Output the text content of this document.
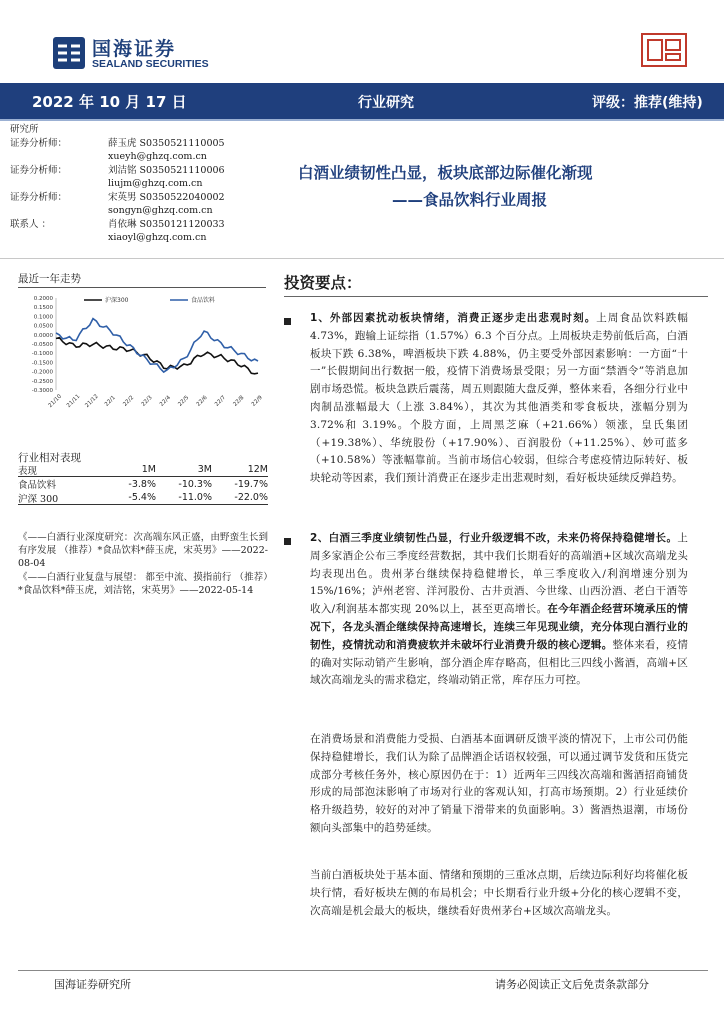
国海证券
SEALAND SECURITIES
2022 年 10 月 17 日	行业研究	评级：推荐(维持)
研究所
证券分析师：	薛玉虎 S0350521110005
xueyh@ghzq.com.cn
证券分析师：	刘洁铭 S0350521110006
liujm@ghzq.com.cn
证券分析师：	宋英男 S0350522040002
songyn@ghzq.com.cn
联系人 ：	肖依琳 S0350121120033
xiaoyl@ghzq.com.cn
白酒业绩韧性凸显，板块底部边际催化渐现
——食品饮料行业周报
最近一年走势
0.2000
0.1500
0.1000
0.0500
0.0000
-0.0500
-0.1000
-0.1500
-0.2000
-0.2500
-0.3000
21/10 21/11 21/12 22/1 22/2 22/3 22/4 22/5 22/6 22/7 22/8 22/9
沪深300	食品饮料
行业相对表现
表现	1M	3M	12M
食品饮料	-3.8%	-10.3%	-19.7%
沪深 300	-5.4%	-11.0%	-22.0%
《——白酒行业深度研究：次高端东风正盛，由野蛮生长到有序发展 （推荐）*食品饮料*薛玉虎，宋英男》——2022-08-04
《——白酒行业复盘与展望： 都至中流、摸指前行 （推荐）*食品饮料*薛玉虎，刘洁铭，宋英男》——2022-05-14
投资要点：
1、外部因素扰动板块情绪，消费正逐步走出悲观时刻。上周食品饮料跌幅4.73%，跑输上证综指（1.57%）6.3 个百分点。上周板块走势前低后高，白酒板块下跌 6.38%，啤酒板块下跌 4.88%，仍主要受外部因素影响：一方面“十一”长假期间出行数据一般，疫情下消费场景受限；另一方面“禁酒令”等消息加剧市场恐慌。板块急跌后震荡，周五则跟随大盘反弹，整体来看，各细分行业中肉制品涨幅最大（上涨 3.84%），其次为其他酒类和零食板块，涨幅分别为 3.72%和 3.19%。个股方面，上周黑芝麻（+21.66%）领涨，皇氏集团（+19.38%）、华统股份（+17.90%）、百润股份（+11.25%）、妙可蓝多（+10.58%）等涨幅靠前。当前市场信心较弱，但综合考虑疫情边际转好、板块轮动等因素，我们预计消费正在逐步走出悲观时刻，看好板块延续反弹趋势。
2、白酒三季度业绩韧性凸显，行业升级逻辑不改，未来仍将保持稳健增长。上周多家酒企公布三季度经营数据，其中我们长期看好的高端酒+区域次高端龙头均表现出色。贵州茅台继续保持稳健增长，单三季度收入/利润增速分别为 15%/16%；泸州老窖、洋河股份、古井贡酒、今世缘、山西汾酒、老白干酒等收入/利润基本都实现 20%以上，甚至更高增长。在今年酒企经营环境承压的情况下，各龙头酒企继续保持高速增长，连续三年见现业绩，充分体现白酒行业的韧性，疫情扰动和消费疲软并未破坏行业消费升级的核心逻辑。整体来看，疫情的确对实际动销产生影响，部分酒企库存略高，但相比三四线小酱酒，高端+区域次高端龙头的需求稳定，终端动销正常，库存压力可控。
在消费场景和消费能力受损、白酒基本面调研反馈平淡的情况下，上市公司仍能保持稳健增长，我们认为除了品牌酒企话语权较强，可以通过调节发货和压货完成部分考核任务外，核心原因仍在于：1）近两年三四线次高端和酱酒招商铺货形成的局部泡沫影响了市场对行业的客观认知，打高市场预期。2）行业延续价格升级趋势，较好的对冲了销量下滑带来的负面影响。3）酱酒热退潮，市场份额向头部集中的趋势延续。
当前白酒板块处于基本面、情绪和预期的三重冰点期，后续边际利好均将催化板块行情，看好板块左侧的布局机会；中长期看行业升级+分化的核心逻辑不变，次高端是机会最大的板块，继续看好贵州茅台+区域次高端龙头。
国海证券研究所	请务必阅读正文后免责条款部分
